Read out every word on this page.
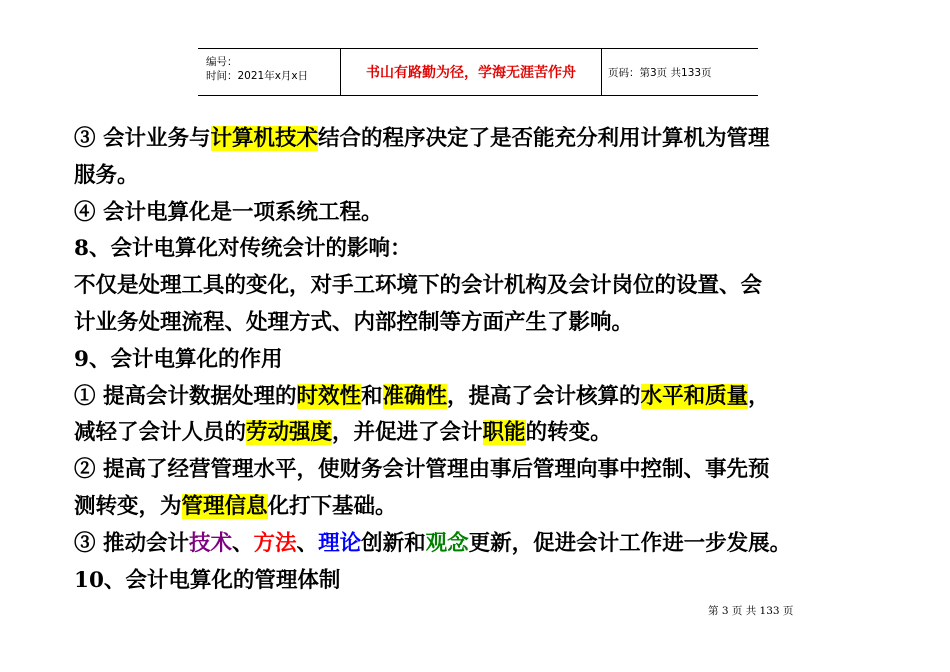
编号：
时间：2021年x月x日	书山有路勤为径，学海无涯苦作舟	页码：第3页 共133页
③ 会计业务与计算机技术结合的程序决定了是否能充分利用计算机为管理
服务。
④ 会计电算化是一项系统工程。
8、会计电算化对传统会计的影响：
不仅是处理工具的变化，对手工环境下的会计机构及会计岗位的设置、会
计业务处理流程、处理方式、内部控制等方面产生了影响。
9、会计电算化的作用
① 提高会计数据处理的时效性和准确性，提高了会计核算的水平和质量，
减轻了会计人员的劳动强度，并促进了会计职能的转变。
② 提高了经营管理水平，使财务会计管理由事后管理向事中控制、事先预
测转变，为管理信息化打下基础。
③ 推动会计技术、方法、理论创新和观念更新，促进会计工作进一步发展。
10、会计电算化的管理体制
第 3 页 共 133 页
